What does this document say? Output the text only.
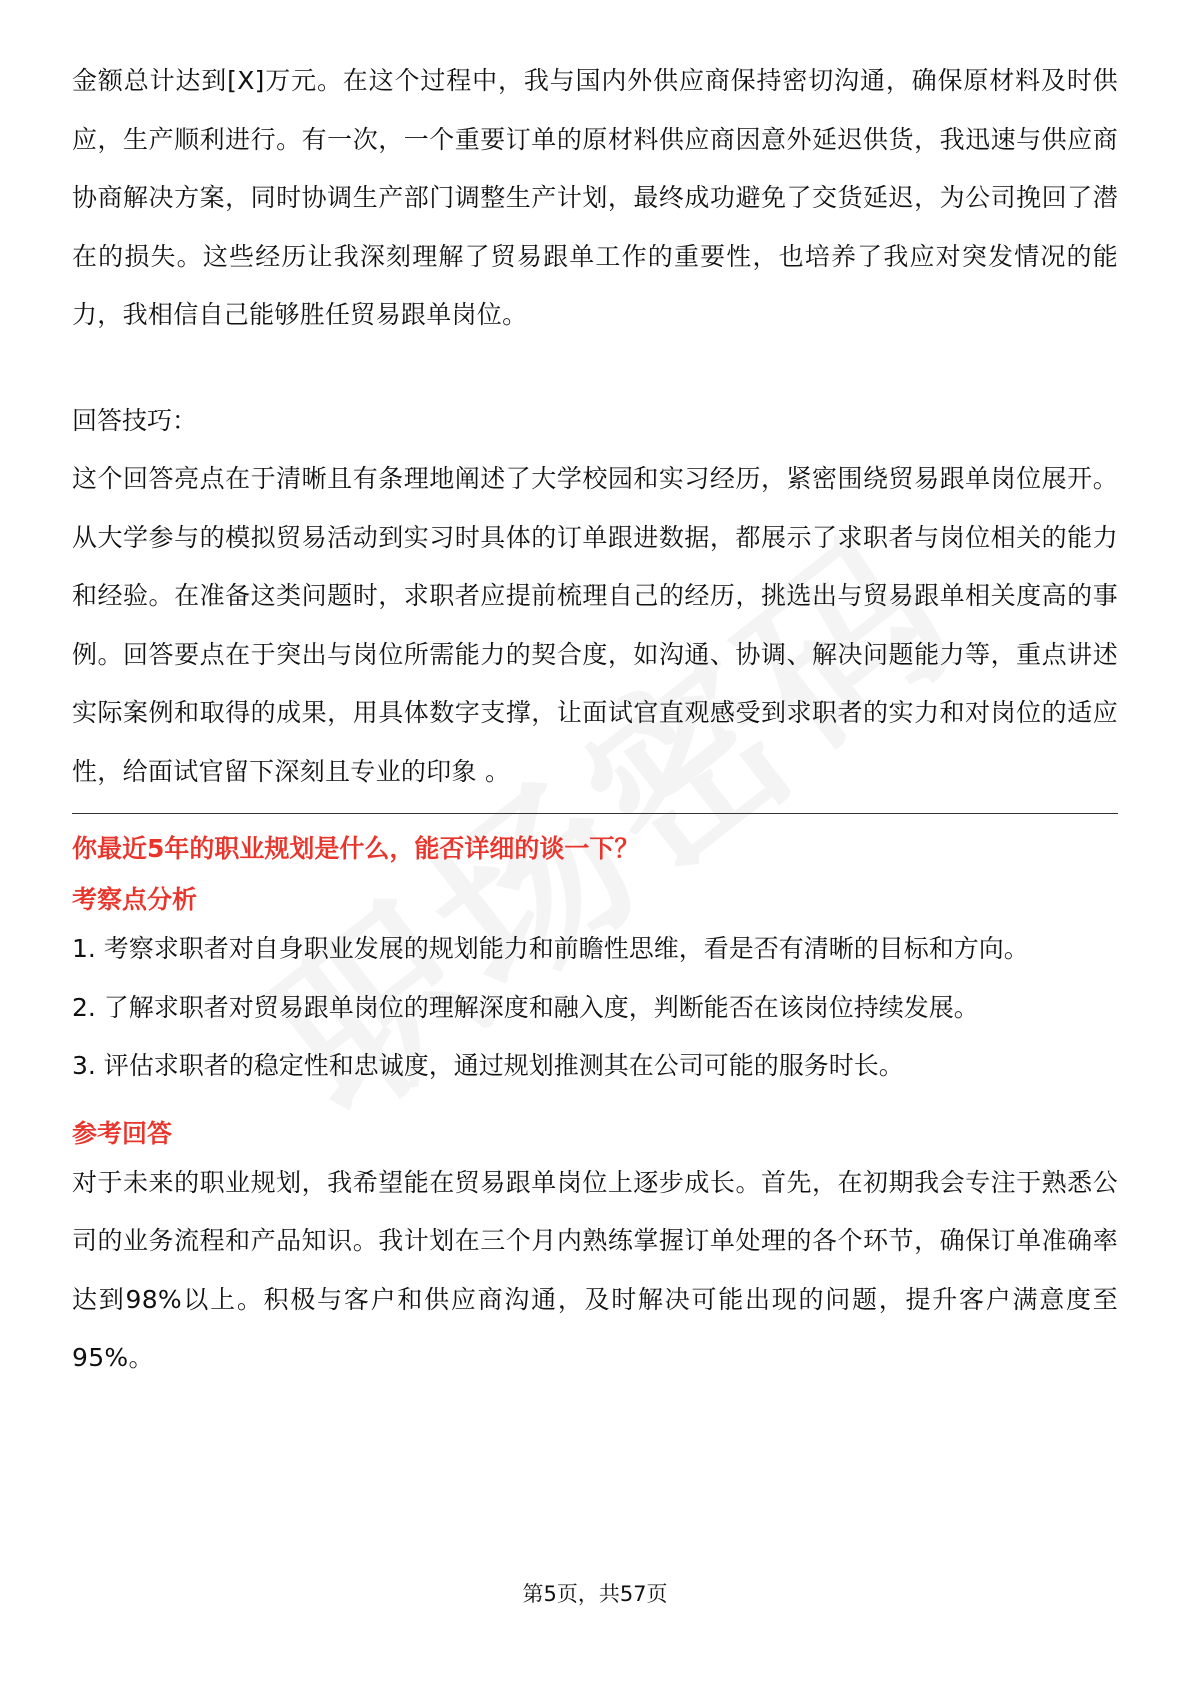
金额总计达到[X]万元。在这个过程中，我与国内外供应商保持密切沟通，确保原材料及时供应，生产顺利进行。有一次，一个重要订单的原材料供应商因意外延迟供货，我迅速与供应商协商解决方案，同时协调生产部门调整生产计划，最终成功避免了交货延迟，为公司挽回了潜在的损失。这些经历让我深刻理解了贸易跟单工作的重要性，也培养了我应对突发情况的能力，我相信自己能够胜任贸易跟单岗位。

回答技巧：

这个回答亮点在于清晰且有条理地阐述了大学校园和实习经历，紧密围绕贸易跟单岗位展开。从大学参与的模拟贸易活动到实习时具体的订单跟进数据，都展示了求职者与岗位相关的能力和经验。在准备这类问题时，求职者应提前梳理自己的经历，挑选出与贸易跟单相关度高的事例。回答要点在于突出与岗位所需能力的契合度，如沟通、协调、解决问题能力等，重点讲述实际案例和取得的成果，用具体数字支撑，让面试官直观感受到求职者的实力和对岗位的适应性，给面试官留下深刻且专业的印象 。

你最近5年的职业规划是什么，能否详细的谈一下？
考察点分析
1. 考察求职者对自身职业发展的规划能力和前瞻性思维，看是否有清晰的目标和方向。
2. 了解求职者对贸易跟单岗位的理解深度和融入度，判断能否在该岗位持续发展。
3. 评估求职者的稳定性和忠诚度，通过规划推测其在公司可能的服务时长。
参考回答

对于未来的职业规划，我希望能在贸易跟单岗位上逐步成长。首先，在初期我会专注于熟悉公司的业务流程和产品知识。我计划在三个月内熟练掌握订单处理的各个环节，确保订单准确率达到98%以上。积极与客户和供应商沟通，及时解决可能出现的问题，提升客户满意度至95%。

第5页，共57页
